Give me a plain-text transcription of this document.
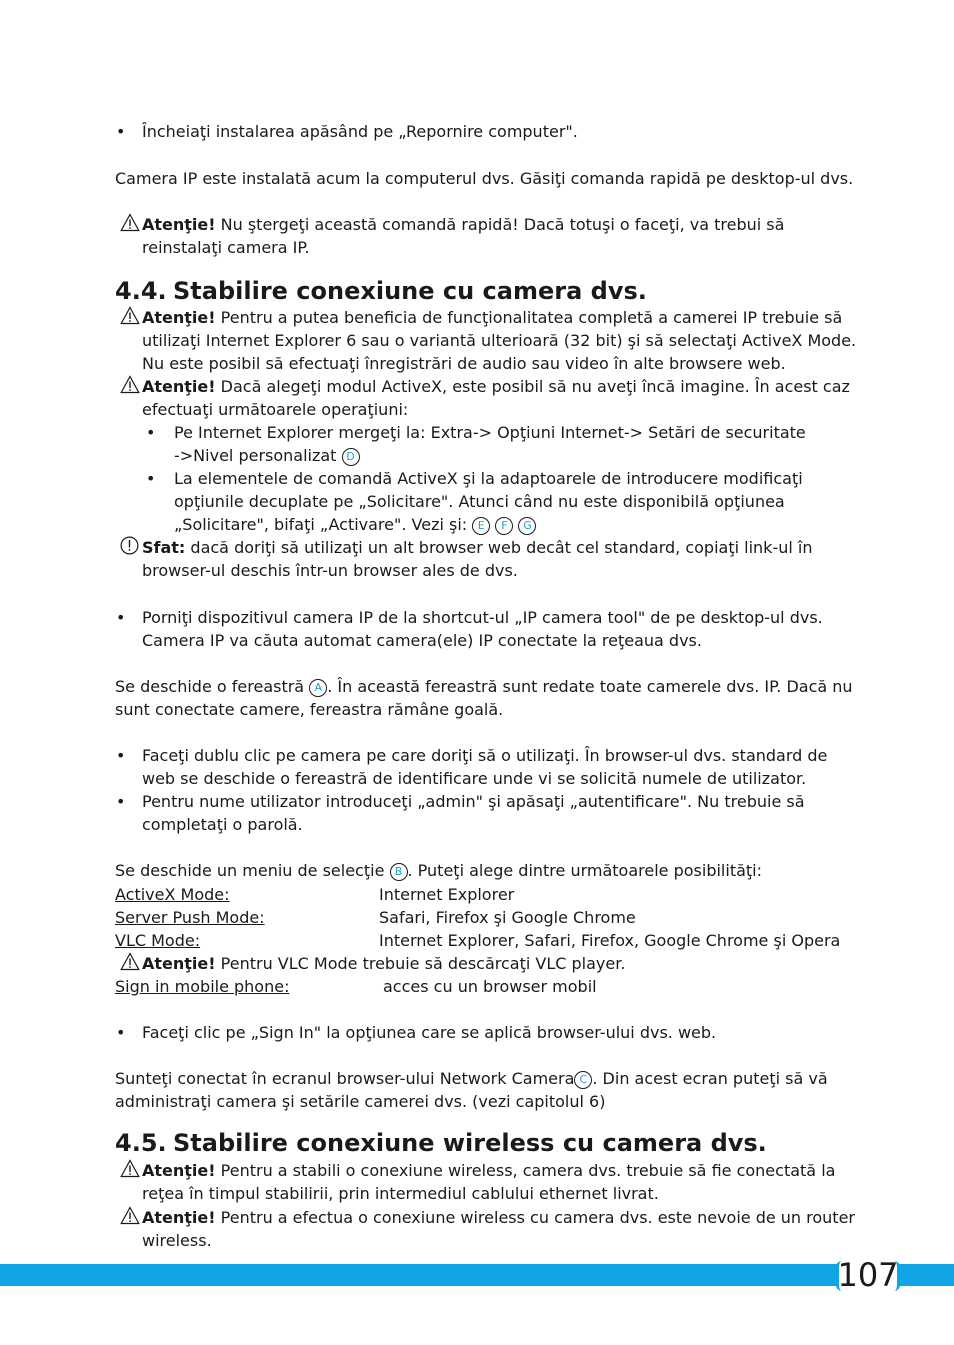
• Încheiaţi instalarea apăsând pe „Repornire computer".
Camera IP este instalată acum la computerul dvs. Găsiţi comanda rapidă pe desktop-ul dvs.
Atenţie! Nu ştergeţi această comandă rapidă! Dacă totuşi o faceţi, va trebui să
reinstalaţi camera IP.
4.4. Stabilire conexiune cu camera dvs.
Atenţie! Pentru a putea beneficia de funcţionalitatea completă a camerei IP trebuie să
utilizaţi Internet Explorer 6 sau o variantă ulterioară (32 bit) şi să selectaţi ActiveX Mode.
Nu este posibil să efectuaţi înregistrări de audio sau video în alte browsere web.
Atenţie! Dacă alegeţi modul ActiveX, este posibil să nu aveţi încă imagine. În acest caz
efectuaţi următoarele operaţiuni:
• Pe Internet Explorer mergeţi la: Extra-> Opţiuni Internet-> Setări de securitate
->Nivel personalizat D
• La elementele de comandă ActiveX şi la adaptoarele de introducere modificaţi
opţiunile decuplate pe „Solicitare". Atunci când nu este disponibilă opţiunea
„Solicitare", bifaţi „Activare". Vezi şi: E F G
Sfat: dacă doriţi să utilizaţi un alt browser web decât cel standard, copiaţi link-ul în
browser-ul deschis într-un browser ales de dvs.
• Porniţi dispozitivul camera IP de la shortcut-ul „IP camera tool" de pe desktop-ul dvs.
Camera IP va căuta automat camera(ele) IP conectate la reţeaua dvs.
Se deschide o fereastră A . În această fereastră sunt redate toate camerele dvs. IP. Dacă nu
sunt conectate camere, fereastra rămâne goală.
• Faceţi dublu clic pe camera pe care doriţi să o utilizaţi. În browser-ul dvs. standard de
web se deschide o fereastră de identificare unde vi se solicită numele de utilizator.
• Pentru nume utilizator introduceţi „admin" şi apăsaţi „autentificare". Nu trebuie să
completaţi o parolă.
Se deschide un meniu de selecţie B . Puteţi alege dintre următoarele posibilităţi:
ActiveX Mode:	Internet Explorer
Server Push Mode:	Safari, Firefox şi Google Chrome
VLC Mode:	Internet Explorer, Safari, Firefox, Google Chrome şi Opera
Atenţie! Pentru VLC Mode trebuie să descărcaţi VLC player.
Sign in mobile phone:	acces cu un browser mobil
• Faceţi clic pe „Sign In" la opţiunea care se aplică browser-ului dvs. web.
Sunteţi conectat în ecranul browser-ului Network Camera C . Din acest ecran puteţi să vă
administraţi camera şi setările camerei dvs. (vezi capitolul 6)
4.5. Stabilire conexiune wireless cu camera dvs.
Atenţie! Pentru a stabili o conexiune wireless, camera dvs. trebuie să fie conectată la
reţea în timpul stabilirii, prin intermediul cablului ethernet livrat.
Atenţie! Pentru a efectua o conexiune wireless cu camera dvs. este nevoie de un router
wireless.
107
